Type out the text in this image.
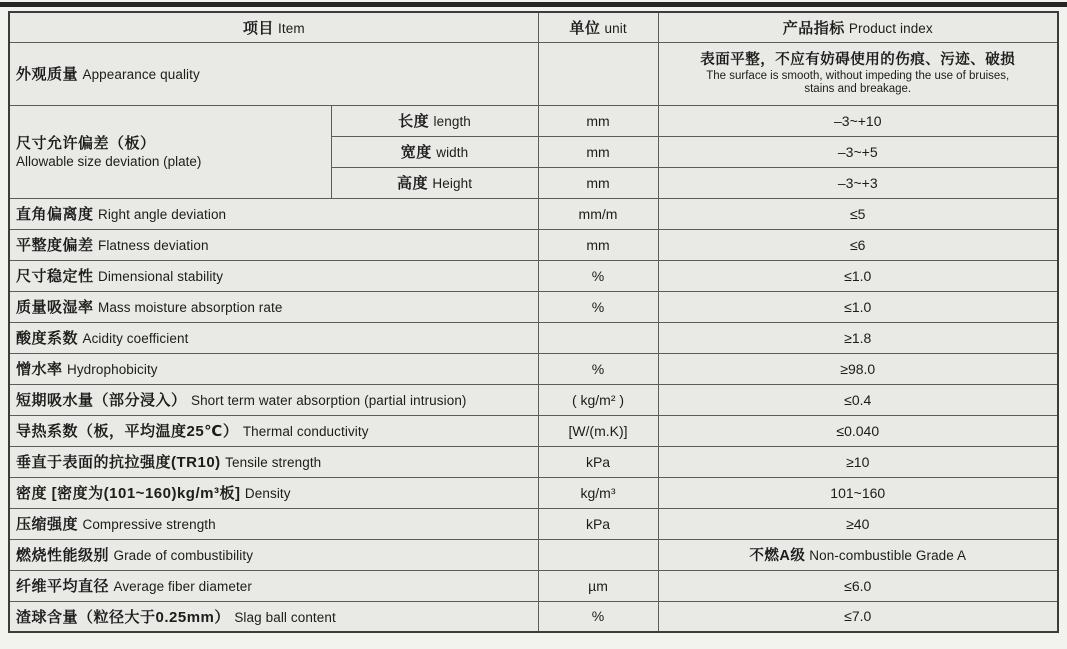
项目 Item		单位 unit	产品指标 Product index
外观质量 Appearance quality			表面平整，不应有妨碍使用的伤痕、污迹、破损
The surface is smooth, without impeding the use of bruises,
stains and breakage.

尺寸允许偏差（板）
Allowable size deviation (plate)	长度 length	mm	–3~+10
	宽度 width	mm	–3~+5
	高度 Height	mm	–3~+3
直角偏离度 Right angle deviation		mm/m	≤5
平整度偏差 Flatness deviation		mm	≤6
尺寸稳定性 Dimensional stability		%	≤1.0
质量吸湿率 Mass moisture absorption rate		%	≤1.0
酸度系数 Acidity coefficient			≥1.8
憎水率 Hydrophobicity		%	≥98.0
短期吸水量（部分浸入） Short term water absorption (partial intrusion)		( kg/m² )	≤0.4
导热系数（板，平均温度25℃） Thermal conductivity		[W/(m.K)]	≤0.040
垂直于表面的抗拉强度(TR10) Tensile strength		kPa	≥10
密度 [密度为(101~160)kg/m³板] Density		kg/m³	101~160
压缩强度 Compressive strength		kPa	≥40
燃烧性能级别 Grade of combustibility			不燃A级 Non-combustible Grade A
纤维平均直径 Average fiber diameter		µm	≤6.0
渣球含量（粒径大于0.25mm） Slag ball content		%	≤7.0
